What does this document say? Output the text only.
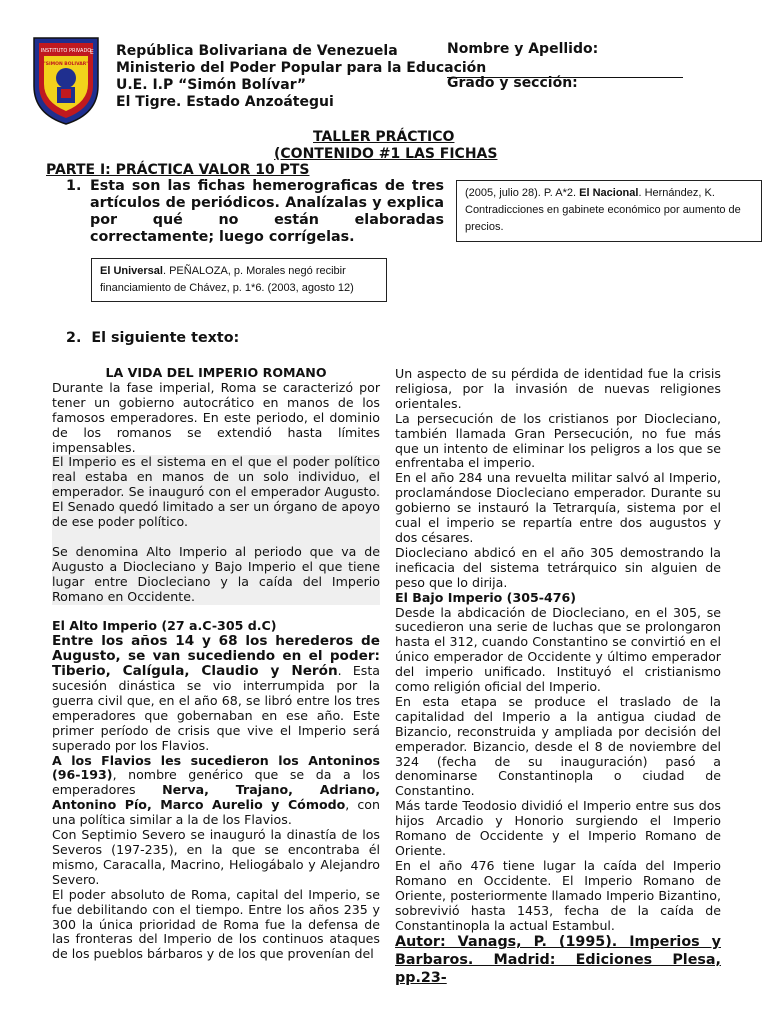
INSTITUTO PRIVADO
"SIMON BOLIVAR"
E República Bolivariana de Venezuela
Ministerio del Poder Popular para la Educación
U.E. I.P “Simón Bolívar”
El Tigre. Estado Anzoátegui
Nombre y Apellido:
Grado y sección:
TALLER PRÁCTICO
(CONTENIDO #1 LAS FICHAS
PARTE I: PRÁCTICA VALOR 10 PTS
1. Esta son las fichas hemerograficas de tres artículos de periódicos. Analízalas y explica por qué no están elaboradas correctamente; luego corrígelas.
(2005, julio 28). P. A*2. El Nacional. Hernández, K. Contradicciones en gabinete económico por aumento de precios.
El Universal. PEÑALOZA, p. Morales negó recibir financiamiento de Chávez, p. 1*6. (2003, agosto 12)
2. El siguiente texto:

LA VIDA DEL IMPERIO ROMANO

Durante la fase imperial, Roma se caracterizó por tener un gobierno autocrático en manos de los famosos emperadores. En este periodo, el dominio de los romanos se extendió hasta límites impensables.

El Imperio es el sistema en el que el poder político real estaba en manos de un solo individuo, el emperador. Se inauguró con el emperador Augusto. El Senado quedó limitado a ser un órgano de apoyo de ese poder político.

Se denomina Alto Imperio al periodo que va de Augusto a Diocleciano y Bajo Imperio el que tiene lugar entre Diocleciano y la caída del Imperio Romano en Occidente.

El Alto Imperio (27 a.C-305 d.C)

Entre los años 14 y 68 los herederos de Augusto, se van sucediendo en el poder: Tiberio, Calígula, Claudio y Nerón. Esta sucesión dinástica se vio interrumpida por la guerra civil que, en el año 68, se libró entre los tres emperadores que gobernaban en ese año. Este primer período de crisis que vive el Imperio será superado por los Flavios.

A los Flavios les sucedieron los Antoninos (96-193), nombre genérico que se da a los emperadores Nerva, Trajano, Adriano, Antonino Pío, Marco Aurelio y Cómodo, con una política similar a la de los Flavios.

Con Septimio Severo se inauguró la dinastía de los Severos (197-235), en la que se encontraba él mismo, Caracalla, Macrino, Heliogábalo y Alejandro Severo.

El poder absoluto de Roma, capital del Imperio, se fue debilitando con el tiempo. Entre los años 235 y 300 la única prioridad de Roma fue la defensa de las fronteras del Imperio de los continuos ataques de los pueblos bárbaros y de los que provenían del

Un aspecto de su pérdida de identidad fue la crisis religiosa, por la invasión de nuevas religiones orientales.

La persecución de los cristianos por Diocleciano, también llamada Gran Persecución, no fue más que un intento de eliminar los peligros a los que se enfrentaba el imperio.

En el año 284 una revuelta militar salvó al Imperio, proclamándose Diocleciano emperador. Durante su gobierno se instauró la Tetrarquía, sistema por el cual el imperio se repartía entre dos augustos y dos césares.

Diocleciano abdicó en el año 305 demostrando la ineficacia del sistema tetrárquico sin alguien de peso que lo dirija.

El Bajo Imperio (305-476)

Desde la abdicación de Diocleciano, en el 305, se sucedieron una serie de luchas que se prolongaron hasta el 312, cuando Constantino se convirtió en el único emperador de Occidente y último emperador del imperio unificado. Instituyó el cristianismo como religión oficial del Imperio.

En esta etapa se produce el traslado de la capitalidad del Imperio a la antigua ciudad de Bizancio, reconstruida y ampliada por decisión del emperador. Bizancio, desde el 8 de noviembre del 324 (fecha de su inauguración) pasó a denominarse Constantinopla o ciudad de Constantino.

Más tarde Teodosio dividió el Imperio entre sus dos hijos Arcadio y Honorio surgiendo el Imperio Romano de Occidente y el Imperio Romano de Oriente.

En el año 476 tiene lugar la caída del Imperio Romano en Occidente. El Imperio Romano de Oriente, posteriormente llamado Imperio Bizantino, sobrevivió hasta 1453, fecha de la caída de Constantinopla la actual Estambul.

Autor: Vanags, P. (1995). Imperios y Barbaros. Madrid: Ediciones Plesa, pp.23-
